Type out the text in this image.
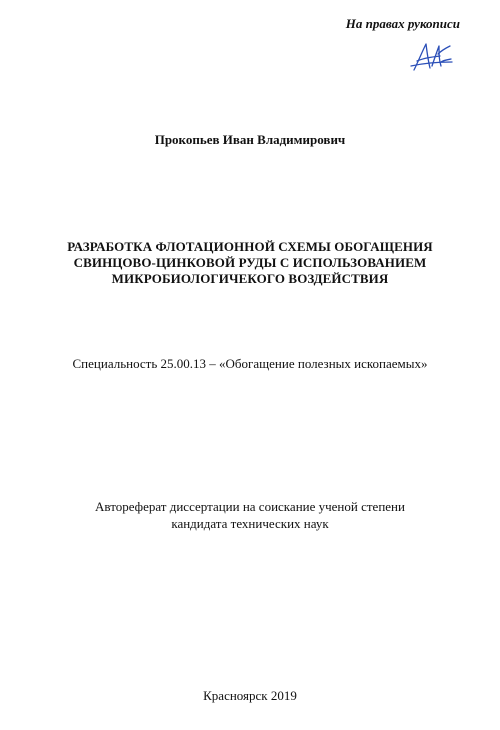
На правах рукописи
Прокопьев Иван Владимирович
РАЗРАБОТКА ФЛОТАЦИОННОЙ СХЕМЫ ОБОГАЩЕНИЯ
СВИНЦОВО-ЦИНКОВОЙ РУДЫ С ИСПОЛЬЗОВАНИЕМ
МИКРОБИОЛОГИЧЕКОГО ВОЗДЕЙСТВИЯ
Специальность 25.00.13 – «Обогащение полезных ископаемых»
Автореферат диссертации на соискание ученой степени
кандидата технических наук
Красноярск 2019
